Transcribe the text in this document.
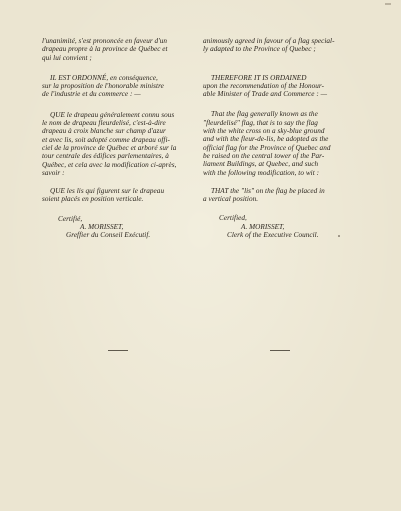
l'unanimité, s'est prononcée en faveur d'un
drapeau propre à la province de Québec et
qui lui convient ;
IL EST ORDONNÉ, en conséquence,
sur la proposition de l'honorable ministre
de l'industrie et du commerce : —
QUE le drapeau généralement connu sous
le nom de drapeau fleurdelisé, c'est-à-dire
drapeau à croix blanche sur champ d'azur
et avec lis, soit adopté comme drapeau offi-
ciel de la province de Québec et arboré sur la
tour centrale des édifices parlementaires, à
Québec, et cela avec la modification ci-après,
savoir :
QUE les lis qui figurent sur le drapeau
soient placés en position verticale.

Certifié,

A. MORISSET,

Greffier du Conseil Exécutif.

animously agreed in favour of a flag special-
ly adapted to the Province of Quebec ;
THEREFORE IT IS ORDAINED
upon the recommendation of the Honour-
able Minister of Trade and Commerce : —
That the flag generally known as the
"fleurdelisé" flag, that is to say the flag
with the white cross on a sky-blue ground
and with the fleur-de-lis, be adopted as the
official flag for the Province of Quebec and
be raised on the central tower of the Par-
liament Buildings, at Quebec, and such
with the following modification, to wit :
THAT the "lis" on the flag be placed in
a vertical position.

Certified,

A. MORISSET,

Clerk of the Executive Council.
